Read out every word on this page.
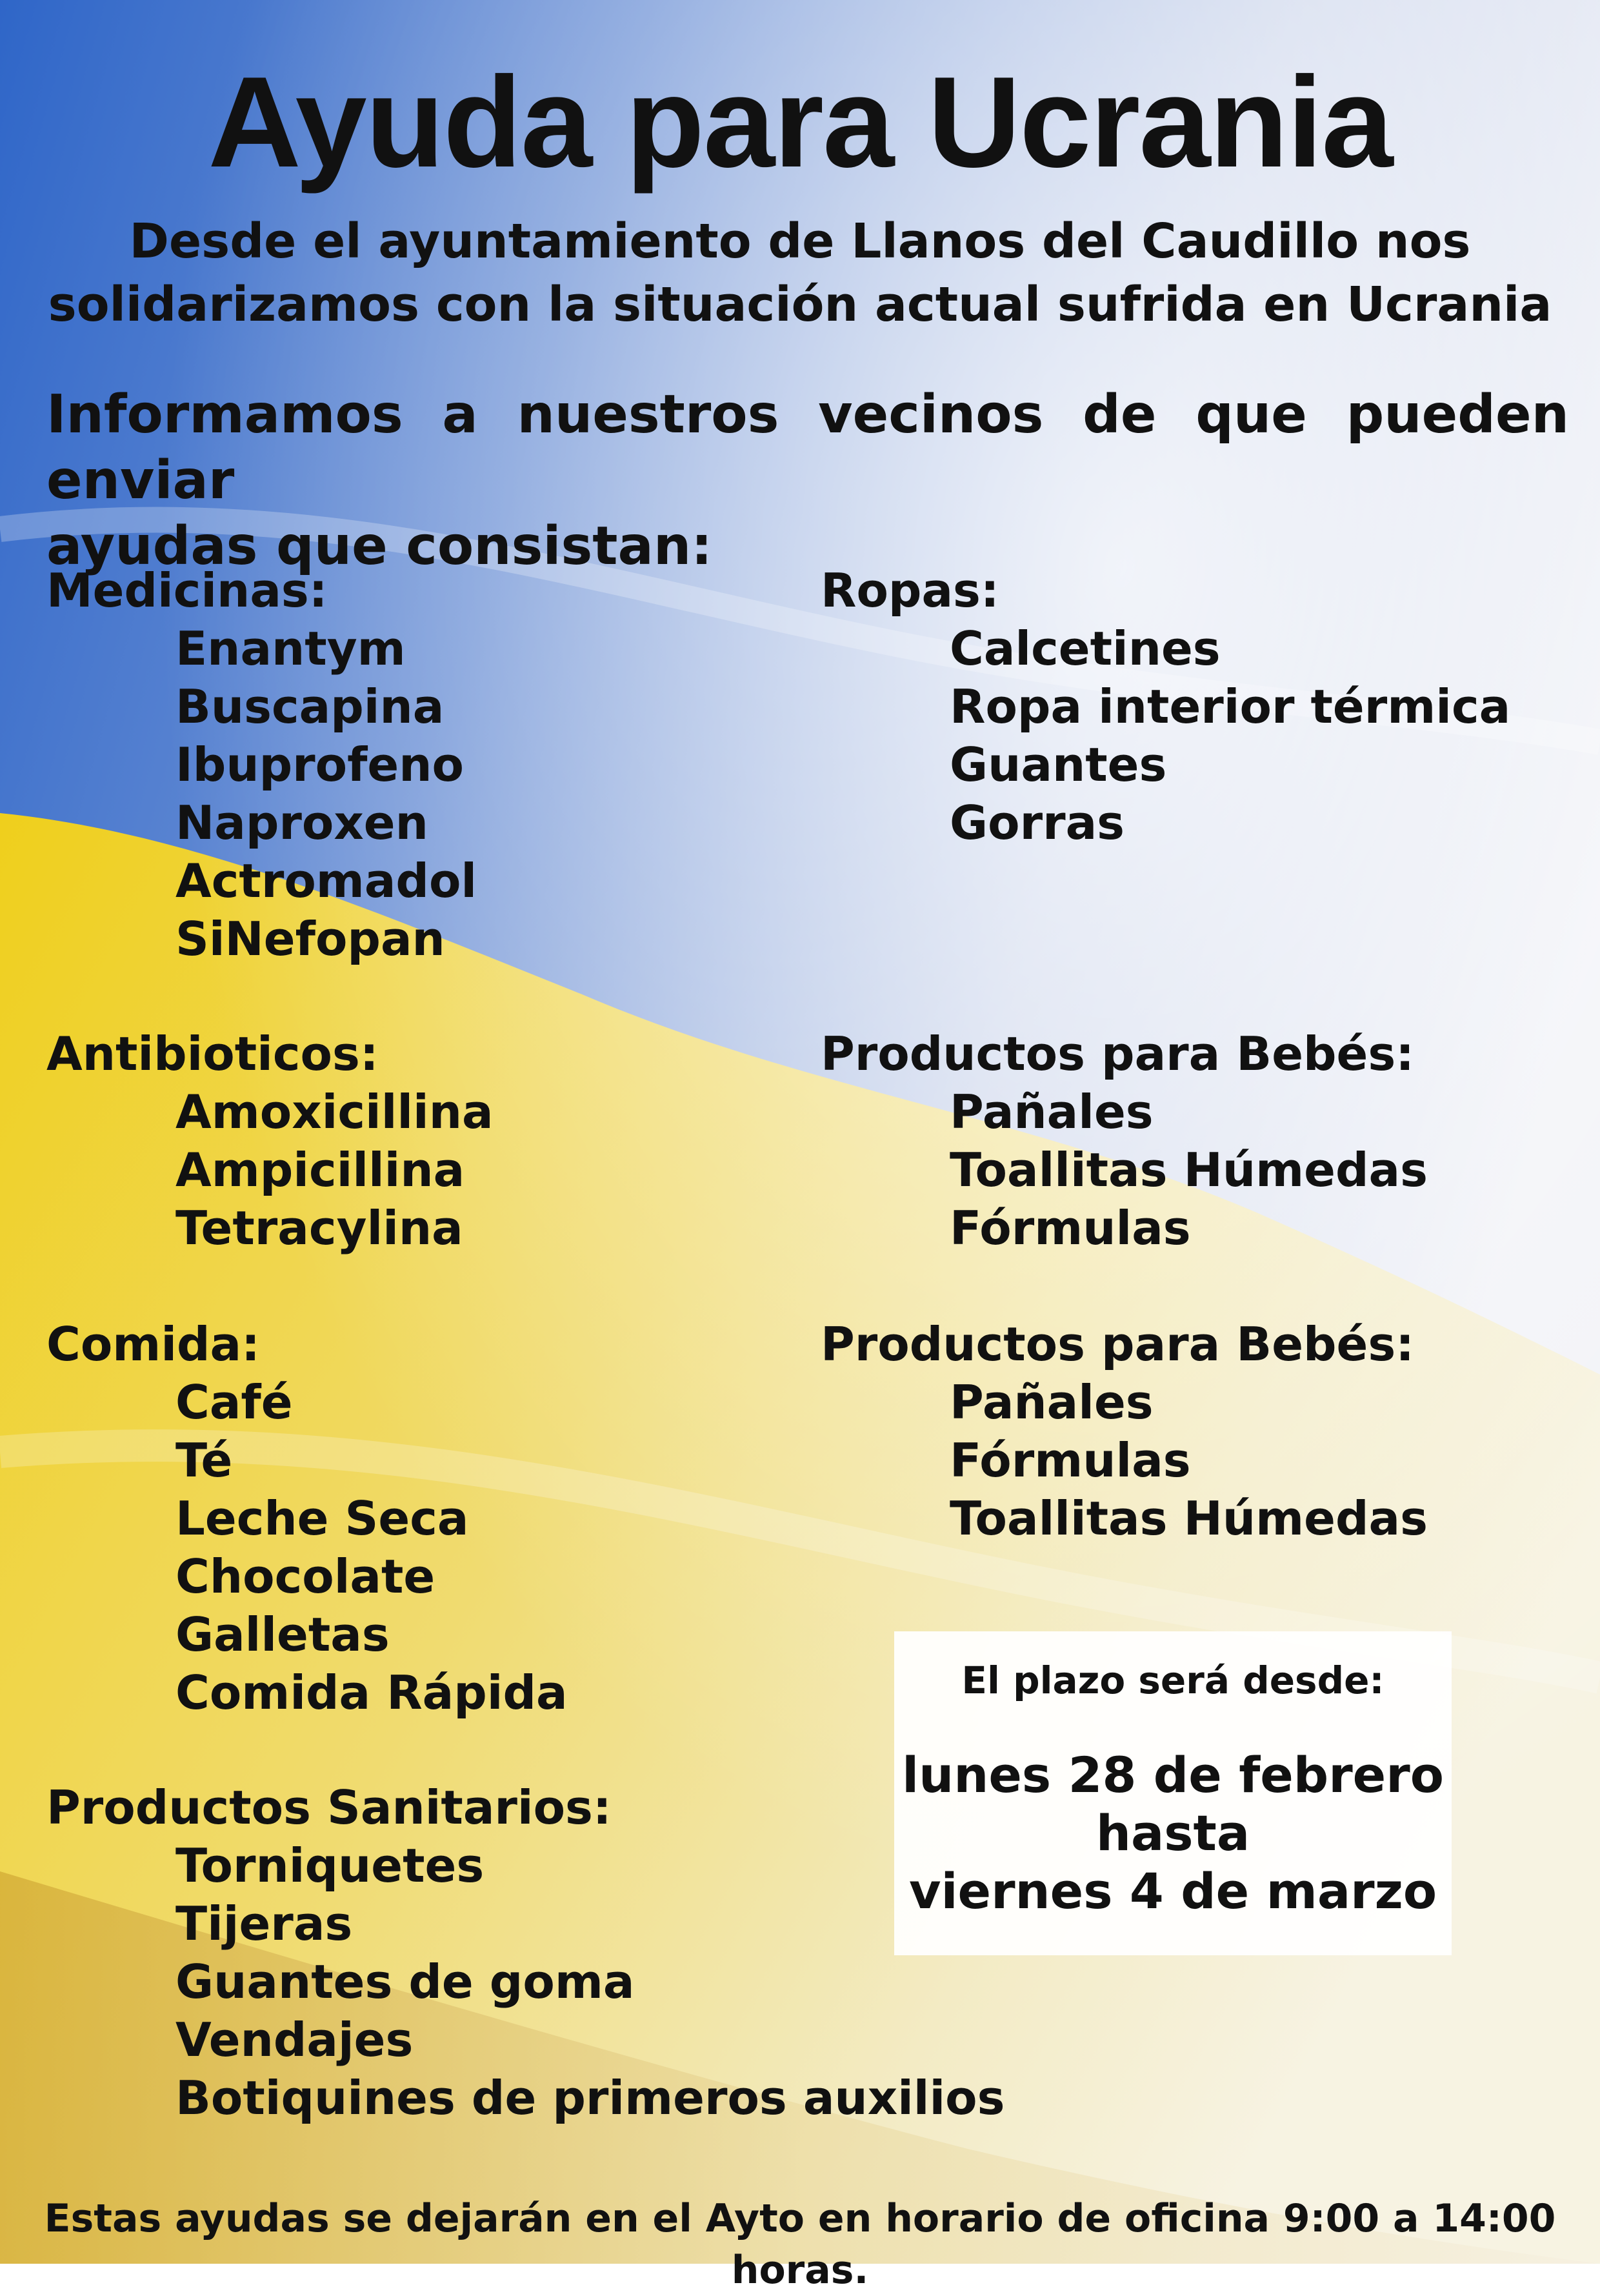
Ayuda para Ucrania
Desde el ayuntamiento de Llanos del Caudillo nos
solidarizamos con la situación actual sufrida en Ucrania
Informamos a nuestros vecinos de que pueden enviar
ayudas que consistan:
Medicinas:
Enantym
Buscapina
Ibuprofeno
Naproxen
Actromadol
SiNefopan
Antibioticos:
Amoxicillina
Ampicillina
Tetracylina
Comida:
Café
Té
Leche Seca
Chocolate
Galletas
Comida Rápida
Productos Sanitarios:
Torniquetes
Tijeras
Guantes de goma
Vendajes
Botiquines de primeros auxilios
Ropas:
Calcetines
Ropa interior térmica
Guantes
Gorras
Productos para Bebés:
Pañales
Toallitas Húmedas
Fórmulas
Productos para Bebés:
Pañales
Fórmulas
Toallitas Húmedas
El plazo será desde:
lunes 28 de febrero
hasta
viernes 4 de marzo
Estas ayudas se dejarán en el Ayto en horario de oficina 9:00 a 14:00 horas.
